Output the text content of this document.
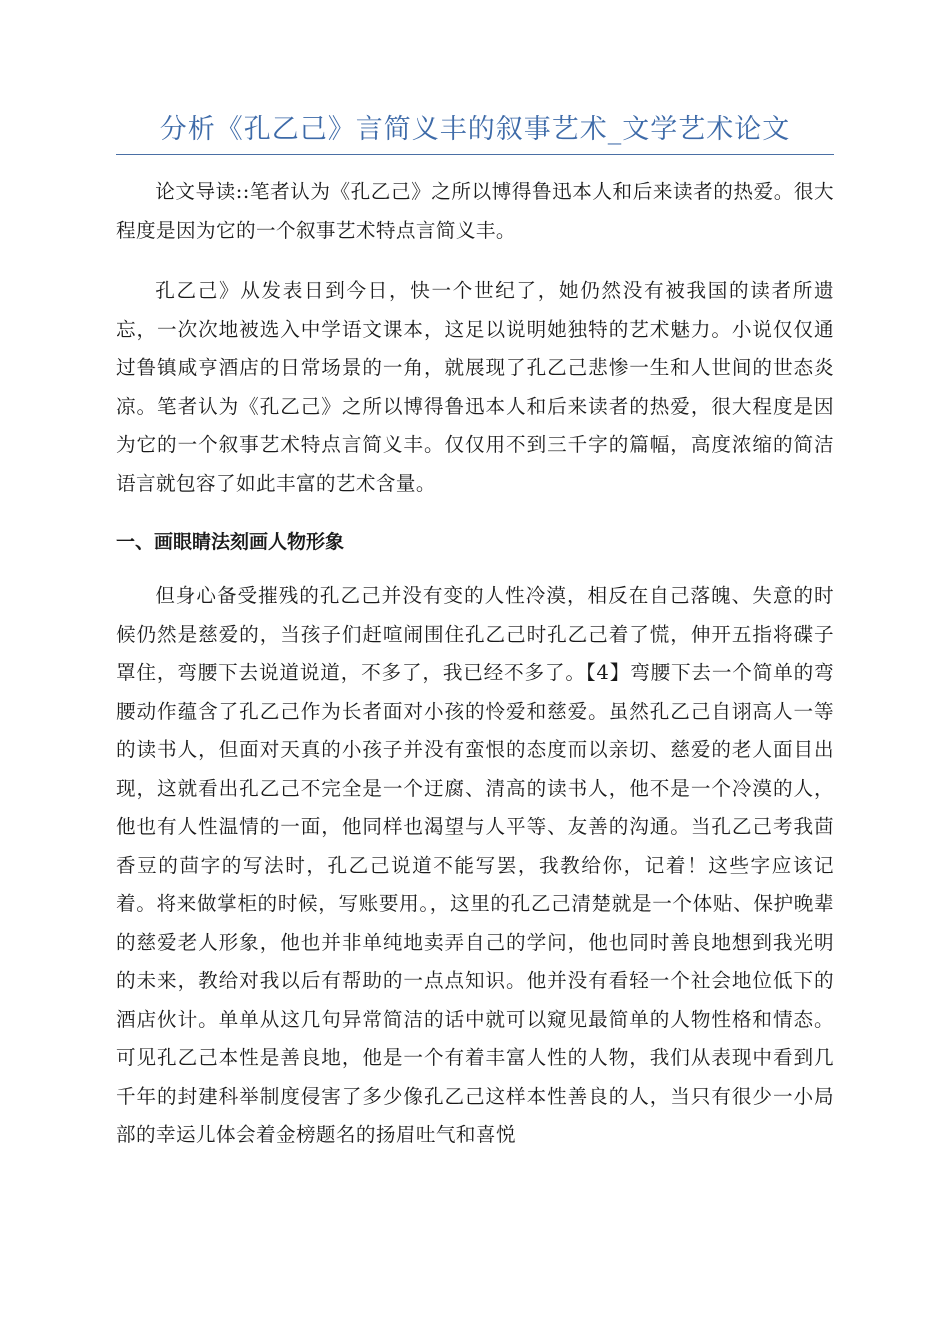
分析《孔乙己》言简义丰的叙事艺术_文学艺术论文

论文导读::笔者认为《孔乙己》之所以博得鲁迅本人和后来读者的热爱。很大程度是因为它的一个叙事艺术特点言简义丰。

孔乙己》从发表日到今日，快一个世纪了，她仍然没有被我国的读者所遗忘，一次次地被选入中学语文课本，这足以说明她独特的艺术魅力。小说仅仅通过鲁镇咸亨酒店的日常场景的一角，就展现了孔乙己悲惨一生和人世间的世态炎凉。笔者认为《孔乙己》之所以博得鲁迅本人和后来读者的热爱，很大程度是因为它的一个叙事艺术特点言简义丰。仅仅用不到三千字的篇幅，高度浓缩的简洁语言就包容了如此丰富的艺术含量。

一、画眼睛法刻画人物形象

但身心备受摧残的孔乙己并没有变的人性冷漠，相反在自己落魄、失意的时候仍然是慈爱的，当孩子们赶喧闹围住孔乙己时孔乙己着了慌，伸开五指将碟子罩住，弯腰下去说道说道，不多了，我已经不多了。【4】弯腰下去一个简单的弯腰动作蕴含了孔乙己作为长者面对小孩的怜爱和慈爱。虽然孔乙己自诩高人一等的读书人，但面对天真的小孩子并没有蛮恨的态度而以亲切、慈爱的老人面目出现，这就看出孔乙己不完全是一个迂腐、清高的读书人，他不是一个冷漠的人，他也有人性温情的一面，他同样也渴望与人平等、友善的沟通。当孔乙己考我茴香豆的茴字的写法时，孔乙己说道不能写罢，我教给你，记着！这些字应该记着。将来做掌柜的时候，写账要用。，这里的孔乙己清楚就是一个体贴、保护晚辈的慈爱老人形象，他也并非单纯地卖弄自己的学问，他也同时善良地想到我光明的未来，教给对我以后有帮助的一点点知识。他并没有看轻一个社会地位低下的酒店伙计。单单从这几句异常简洁的话中就可以窥见最简单的人物性格和情态。可见孔乙己本性是善良地，他是一个有着丰富人性的人物，我们从表现中看到几千年的封建科举制度侵害了多少像孔乙己这样本性善良的人，当只有很少一小局部的幸运儿体会着金榜题名的扬眉吐气和喜悦
